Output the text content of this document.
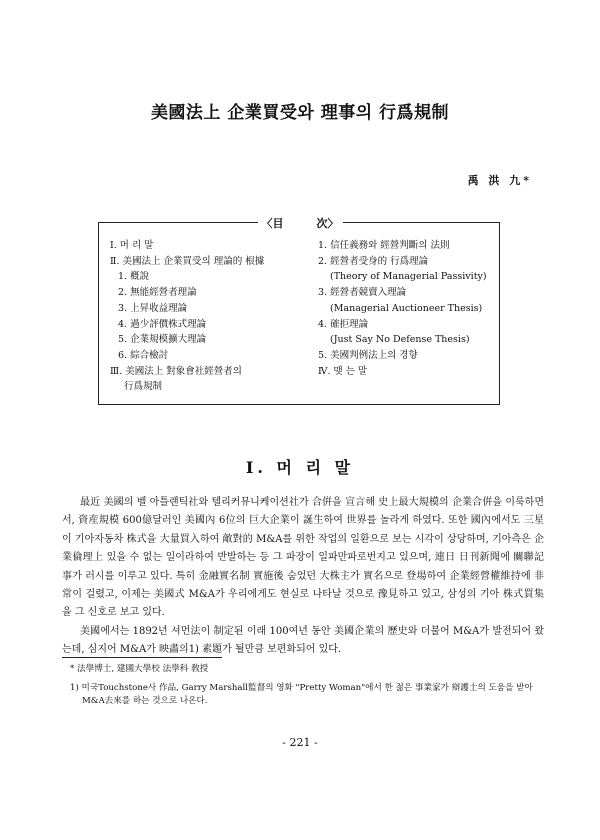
美國法上 企業買受와 理事의 行爲規制
禹 洪 九*
〈目　　　次〉
Ⅰ. 머 리 말
Ⅱ. 美國法上 企業買受의 理論的 根據
1. 槪說
2. 無能經營者理論
3. 上昇收益理論
4. 過少評價株式理論
5. 企業規模擴大理論
6. 綜合檢討
Ⅲ. 美國法上 對象會社經營者의
行爲規制
1. 信任義務와 經營判斷의 法則
2. 經營者受身的 行爲理論
(Theory of Managerial Passivity)
3. 經營者競賣入理論
(Managerial Auctioneer Thesis)
4. 確拒理論
(Just Say No Defense Thesis)
5. 美國判例法上의 경향
Ⅳ. 맺 는 말
Ⅰ. 머 리 말

最近 美國의 벨 아틀랜틱社와 텔리커뮤니케이션社가 合倂을 宣言해 史上最大規模의 企業合倂을 이룩하면서, 資産規模 600億달러인 美國內 6位의 巨大企業이 誕生하여 世界를 놀라게 하였다. 또한 國內에서도 三星이 기아자동차 株式을 大量買入하여 敵對的 M&A를 위한 작업의 일환으로 보는 시각이 상당하며, 기아측은 企業倫理上 있을 수 없는 일이라하여 반발하는 등 그 파장이 일파만파로번지고 있으며, 連日 日刊新聞에 關聯記事가 러시를 이루고 있다. 특히 金融實名制 實施後 숨었던 大株主가 實名으로 登場하여 企業經營權維持에 非常이 걸렸고, 이제는 美國式 M&A가 우리에게도 현실로 나타날 것으로 豫見하고 있고, 삼성의 기아 株式買集을 그 신호로 보고 있다.

美國에서는 1892년 셔먼法이 制定된 이래 100여년 동안 美國企業의 歷史와 더불어 M&A가 발전되어 왔는데, 심지어 M&A가 映畵의1) 素題가 될만큼 보편화되어 있다.

* 法學博士, 建國大學校 法學科 敎授
1) 미국Touchstone사 作品, Garry Marshall監督의 영화 "Pretty Woman"에서 한 젊은 事業家가 辯護士의 도움을 받아 M&A去來를 하는 것으로 나온다.
- 221 -
